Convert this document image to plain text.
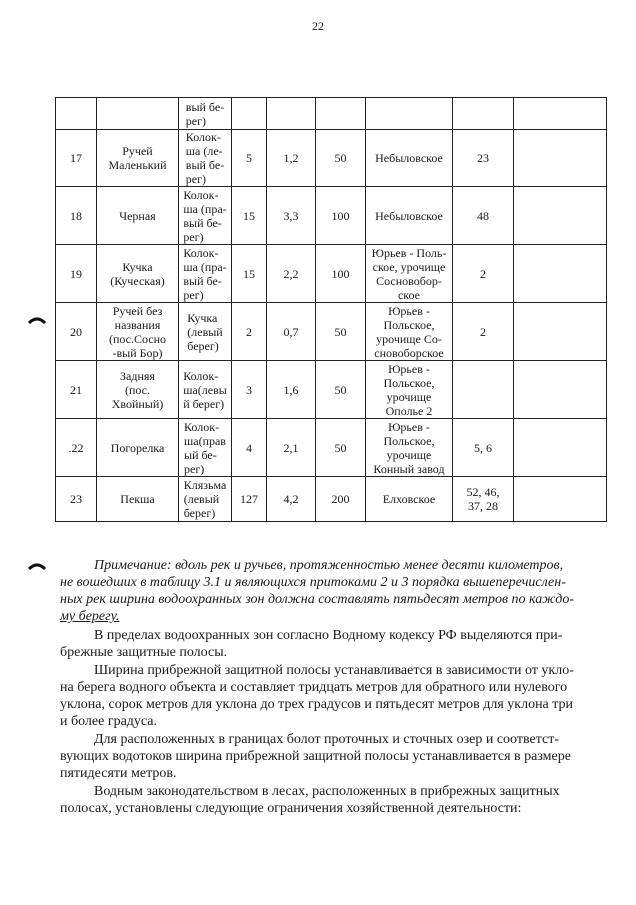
22
		вый бе-
рег)						
17	Ручей
Маленький	Колок-
ша (ле-
вый бе-
рег)	5	1,2	50	Небыловское	23	
18	Черная	Колок-
ша (пра-
вый бе-
рег)	15	3,3	100	Небыловское	48	
19	Кучка
(Куческая)	Колок-
ша (пра-
вый бе-
рег)	15	2,2	100	Юрьев - Поль-
ское, урочище
Сосновобор-
ское	2	
20	Ручей без
названия
(пос.Сосно
-вый Бор)	Кучка
(левый
берег)	2	0,7	50	Юрьев -
Польское,
урочище Со-
сновоборское	2	
21	Задняя
(пос.
Хвойный)	Колок-
ша(левы
й берег)	3	1,6	50	Юрьев -
Польское,
урочище
Ополье 2		
.22	Погорелка	Колок-
ша(прав
ый бе-
рег)	4	2,1	50	Юрьев -
Польское,
урочище
Конный завод	5, 6	
23	Пекша	Клязьма
(левый
берег)	127	4,2	200	Елховское	52, 46,
37, 28	
Примечание: вдоль рек и ручьев, протяженностью менее десяти километров,
не вошедших в таблицу 3.1 и являющихся притоками 2 и 3 порядка вышеперечислен-
ных рек ширина водоохранных зон должна составлять пятьдесят метров по каждо-
му берегу.
В пределах водоохранных зон согласно Водному кодексу РФ выделяются при-
брежные защитные полосы.
Ширина прибрежной защитной полосы устанавливается в зависимости от укло-
на берега водного объекта и составляет тридцать метров для обратного или нулевого
уклона, сорок метров для уклона до трех градусов и пятьдесят метров для уклона три
и более градуса.
Для расположенных в границах болот проточных и сточных озер и соответст-
вующих водотоков ширина прибрежной защитной полосы устанавливается в размере
пятидесяти метров.
Водным законодательством в лесах, расположенных в прибрежных защитных
полосах, установлены следующие ограничения хозяйственной деятельности:
